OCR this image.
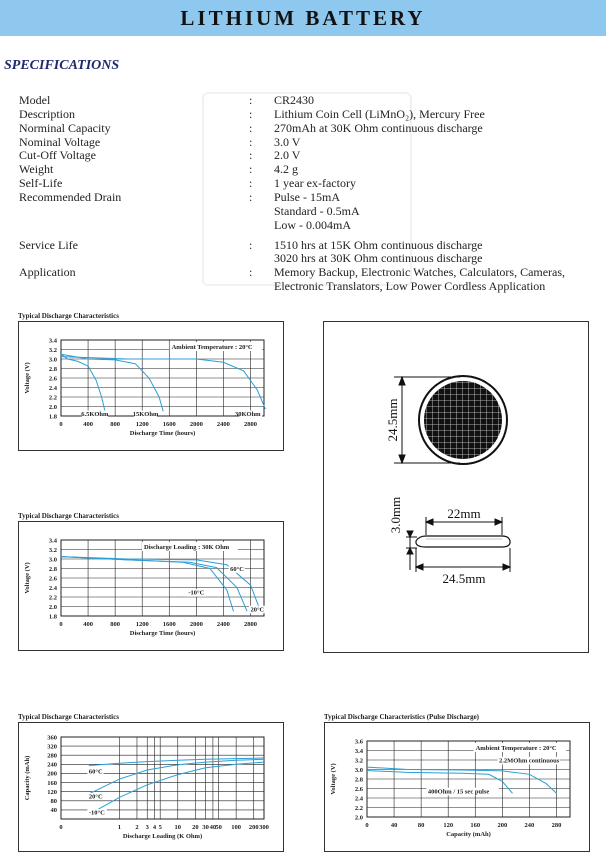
LITHIUM BATTERY
SPECIFICATIONS
Model	: CR2430
Description	: Lithium Coin Cell (LiMnO₂), Mercury Free
Norminal Capacity	: 270mAh at 30K Ohm continuous discharge
Nominal Voltage	: 3.0 V
Cut-Off Voltage	: 2.0 V
Weight	: 4.2 g
Self-Life	: 1 year ex-factory
Recommended Drain	: Pulse - 15mA
Standard - 0.5mA
Low - 0.004mA
Service Life	: 1510 hrs at 15K Ohm continuous discharge
3020 hrs at 30K Ohm continuous discharge
Application	: Memory Backup, Electronic Watches, Calculators, Cameras,
Electronic Translators, Low Power Cordless Application
Typical Discharge Characteristics
0	400	800 1200 1600 2000 2400 2800
3.4
3.2
3.0
2.8
2.6
2.4
2.2
2.0
1.8
Discharge Time (hours)
Voltage (V)
Ambient Temperature : 20°C
6.5KOhm	15KOhm	30KOhm
Typical Discharge Characteristics
0	400	800 1200 1600 2000 2400 2800
3.4
3.2
3.0
2.8
2.6
2.4
2.2
2.0
1.8
Discharge Time (hours)
Voltage (V)
Discharge Loading : 30K Ohm
60°C
-10°C
20°C
Typical Discharge Characteristics
0	1 2 3 4 5 10 20 30 40 50 100 200 300
360
320
280
240
200
160
120
80
40
Discharge Loading (K Ohm)
Capacity (mAh)	60°C
20°C
-10°C
Typical Discharge Characteristics (Pulse Discharge)
0	40	80	120	160	200	240	280
3.6
3.4
3.2
3.0
2.8
2.6
2.4
2.2
2.0
Capacity (mAh)
Voltage (V)
Ambient Temperature : 20°C
2.2MOhm continuous
400Ohm / 15 sec pulse
24.5mm
3.0mm	22mm
24.5mm
